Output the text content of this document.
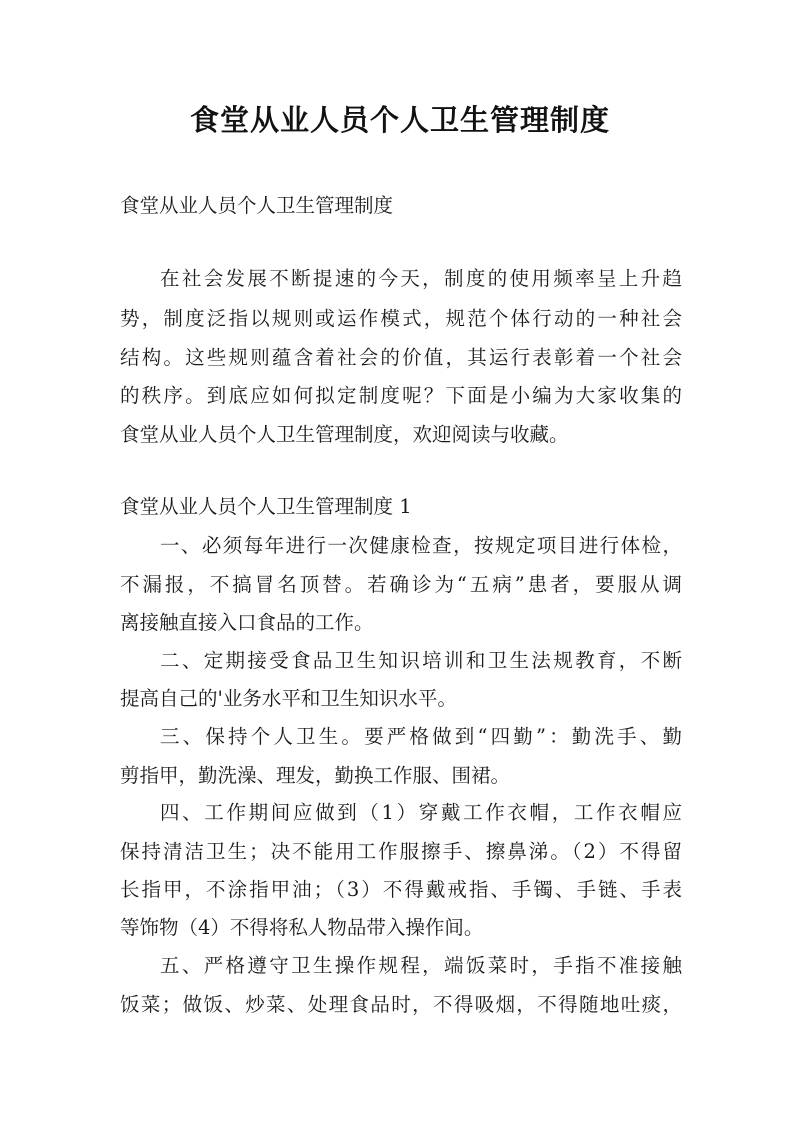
食堂从业人员个人卫生管理制度
食堂从业人员个人卫生管理制度
在社会发展不断提速的今天，制度的使用频率呈上升趋
势，制度泛指以规则或运作模式，规范个体行动的一种社会
结构。这些规则蕴含着社会的价值，其运行表彰着一个社会
的秩序。到底应如何拟定制度呢？下面是小编为大家收集的
食堂从业人员个人卫生管理制度，欢迎阅读与收藏。
食堂从业人员个人卫生管理制度 1
一、必须每年进行一次健康检查，按规定项目进行体检，
不漏报，不搞冒名顶替。若确诊为“五病”患者，要服从调
离接触直接入口食品的工作。
二、定期接受食品卫生知识培训和卫生法规教育，不断
提高自己的'业务水平和卫生知识水平。
三、保持个人卫生。要严格做到“四勤”：勤洗手、勤
剪指甲，勤洗澡、理发，勤换工作服、围裙。
四、工作期间应做到（1）穿戴工作衣帽，工作衣帽应
保持清洁卫生；决不能用工作服擦手、擦鼻涕。（2）不得留
长指甲，不涂指甲油；（3）不得戴戒指、手镯、手链、手表
等饰物（4）不得将私人物品带入操作间。
五、严格遵守卫生操作规程，端饭菜时，手指不准接触
饭菜；做饭、炒菜、处理食品时，不得吸烟，不得随地吐痰，
